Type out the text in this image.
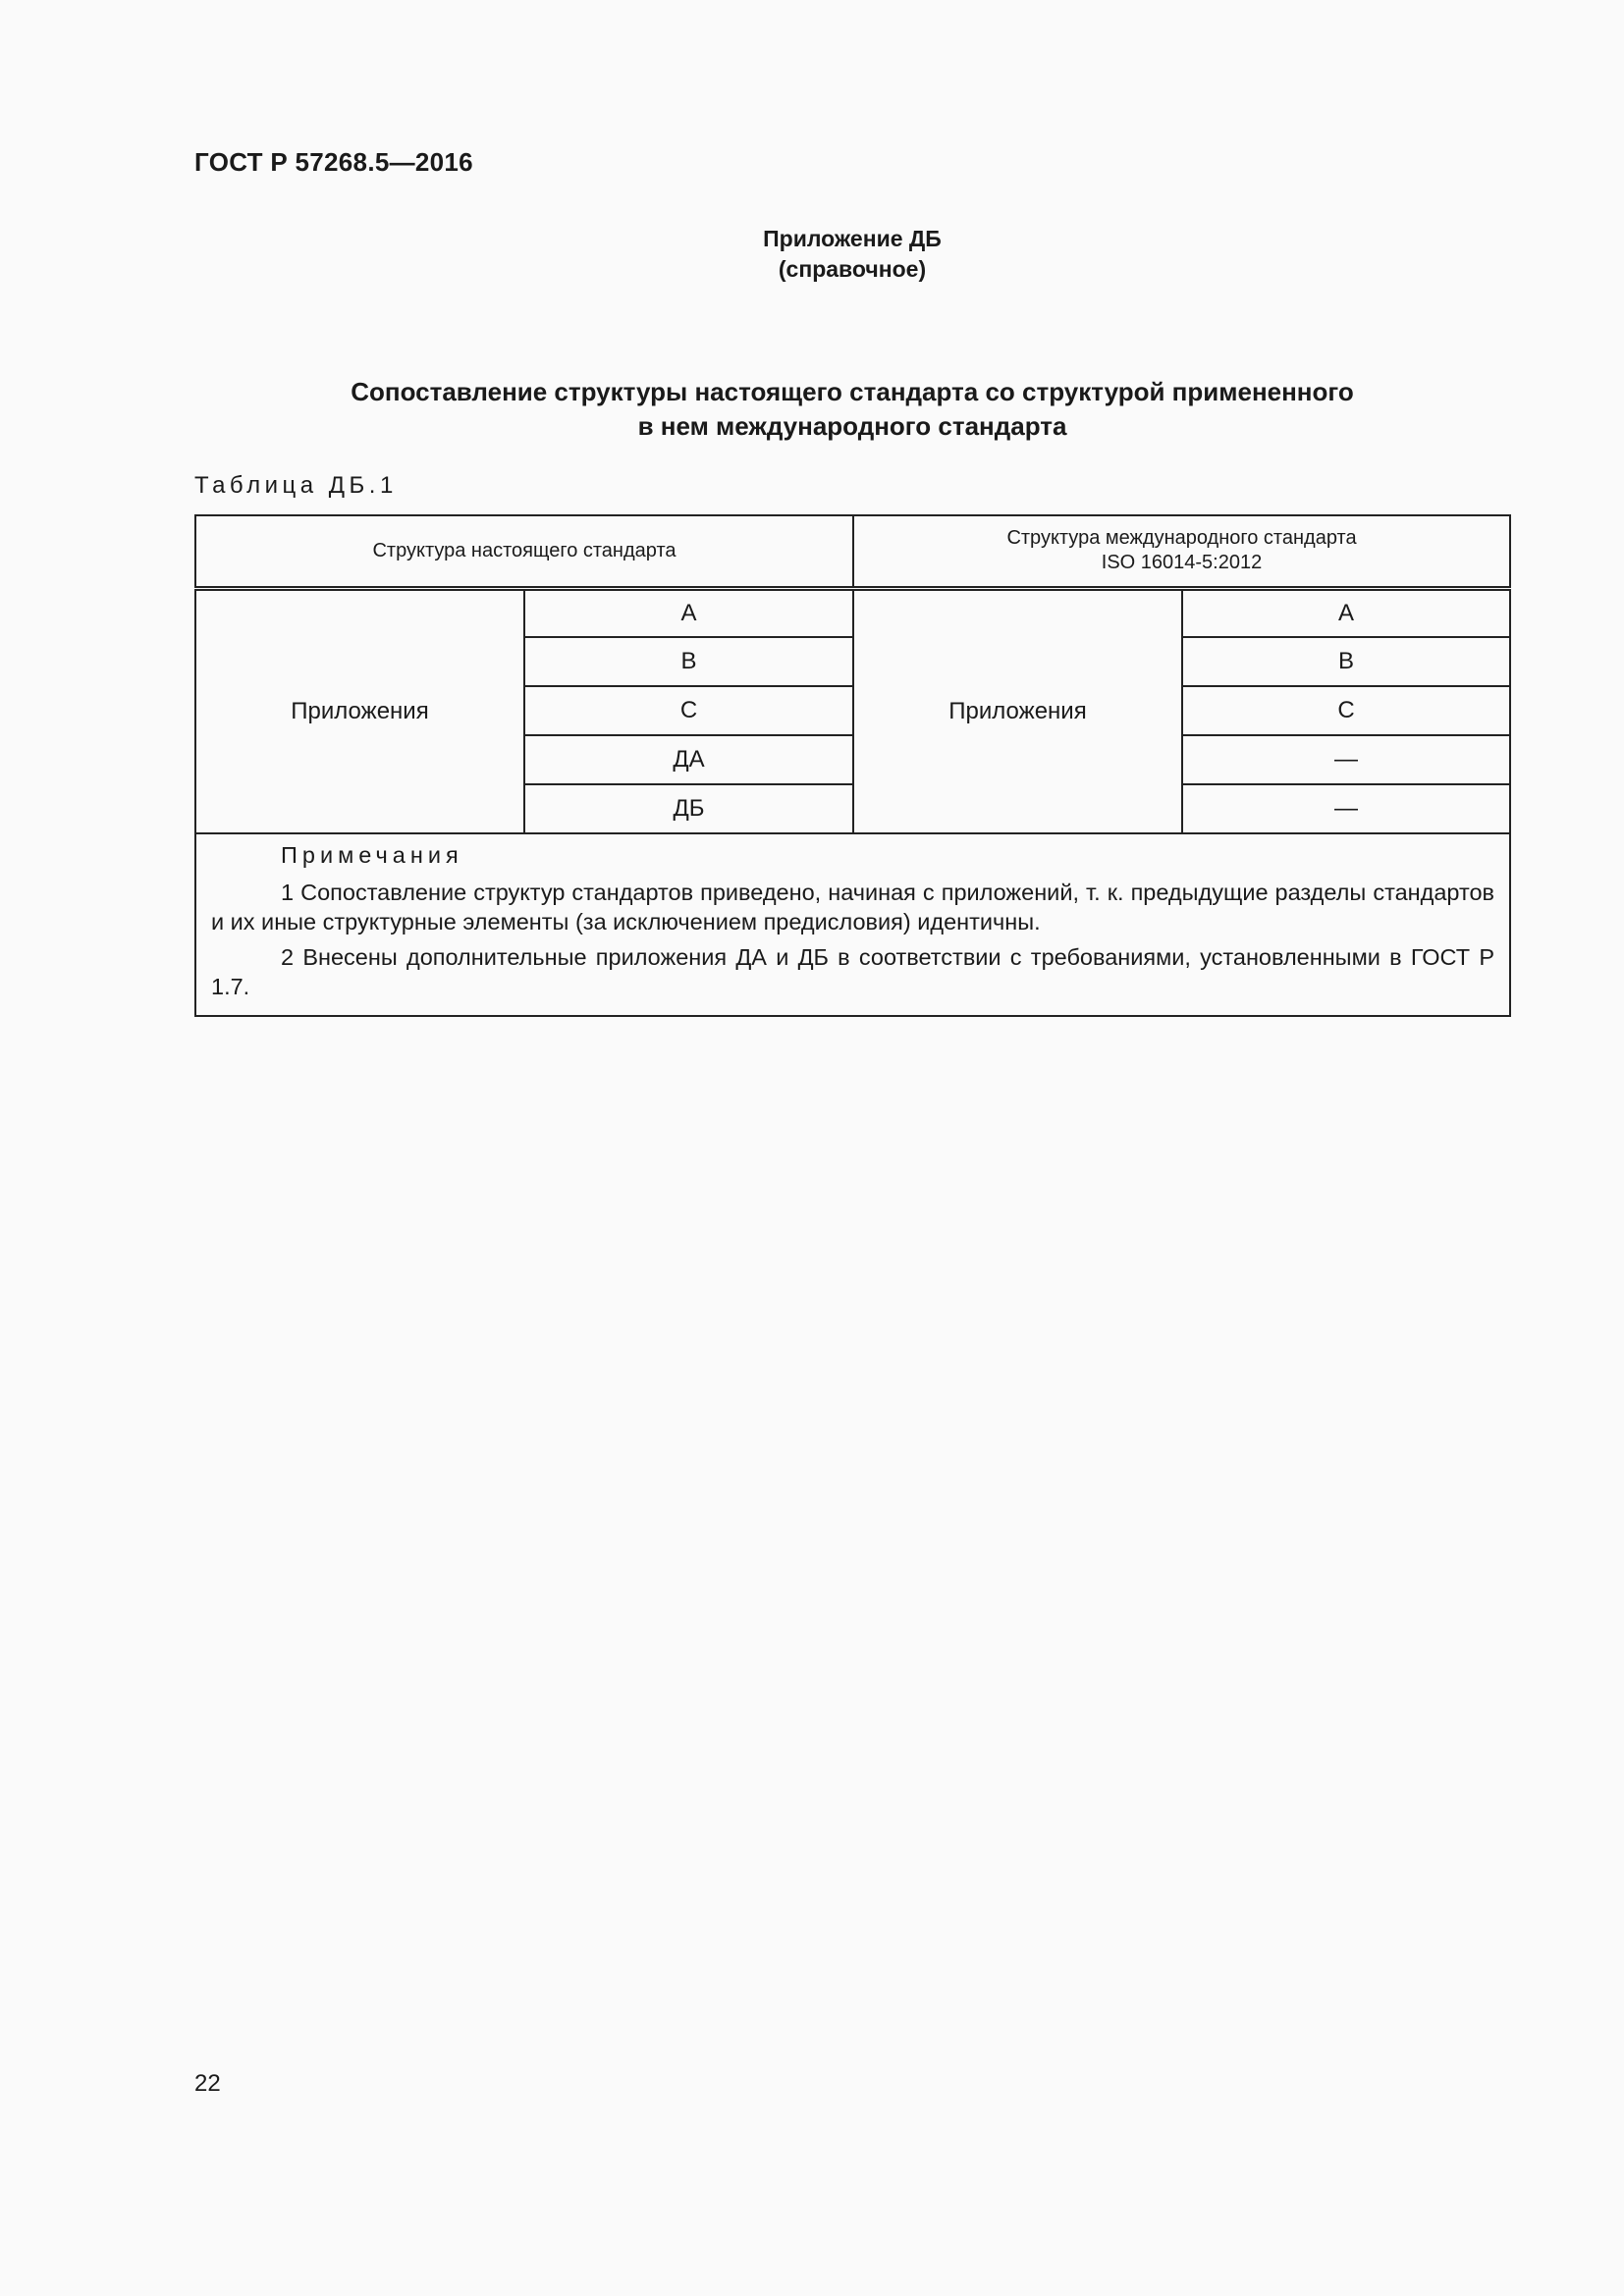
ГОСТ Р 57268.5—2016
Приложение ДБ
(справочное)
Сопоставление структуры настоящего стандарта со структурой примененного
в нем международного стандарта
Таблица ДБ.1
Структура настоящего стандарта		Структура международного стандарта
ISO 16014-5:2012	

Приложения	А	Приложения	А
	В		В
	С		С
	ДА		—
	ДБ		—

Примечания
1 Сопоставление структур стандартов приведено, начиная с приложений, т. к. предыдущие разделы стандартов и их иные структурные элементы (за исключением предисловия) идентичны.
2 Внесены дополнительные приложения ДА и ДБ в соответствии с требованиями, установленными в ГОСТ Р 1.7.			
22
